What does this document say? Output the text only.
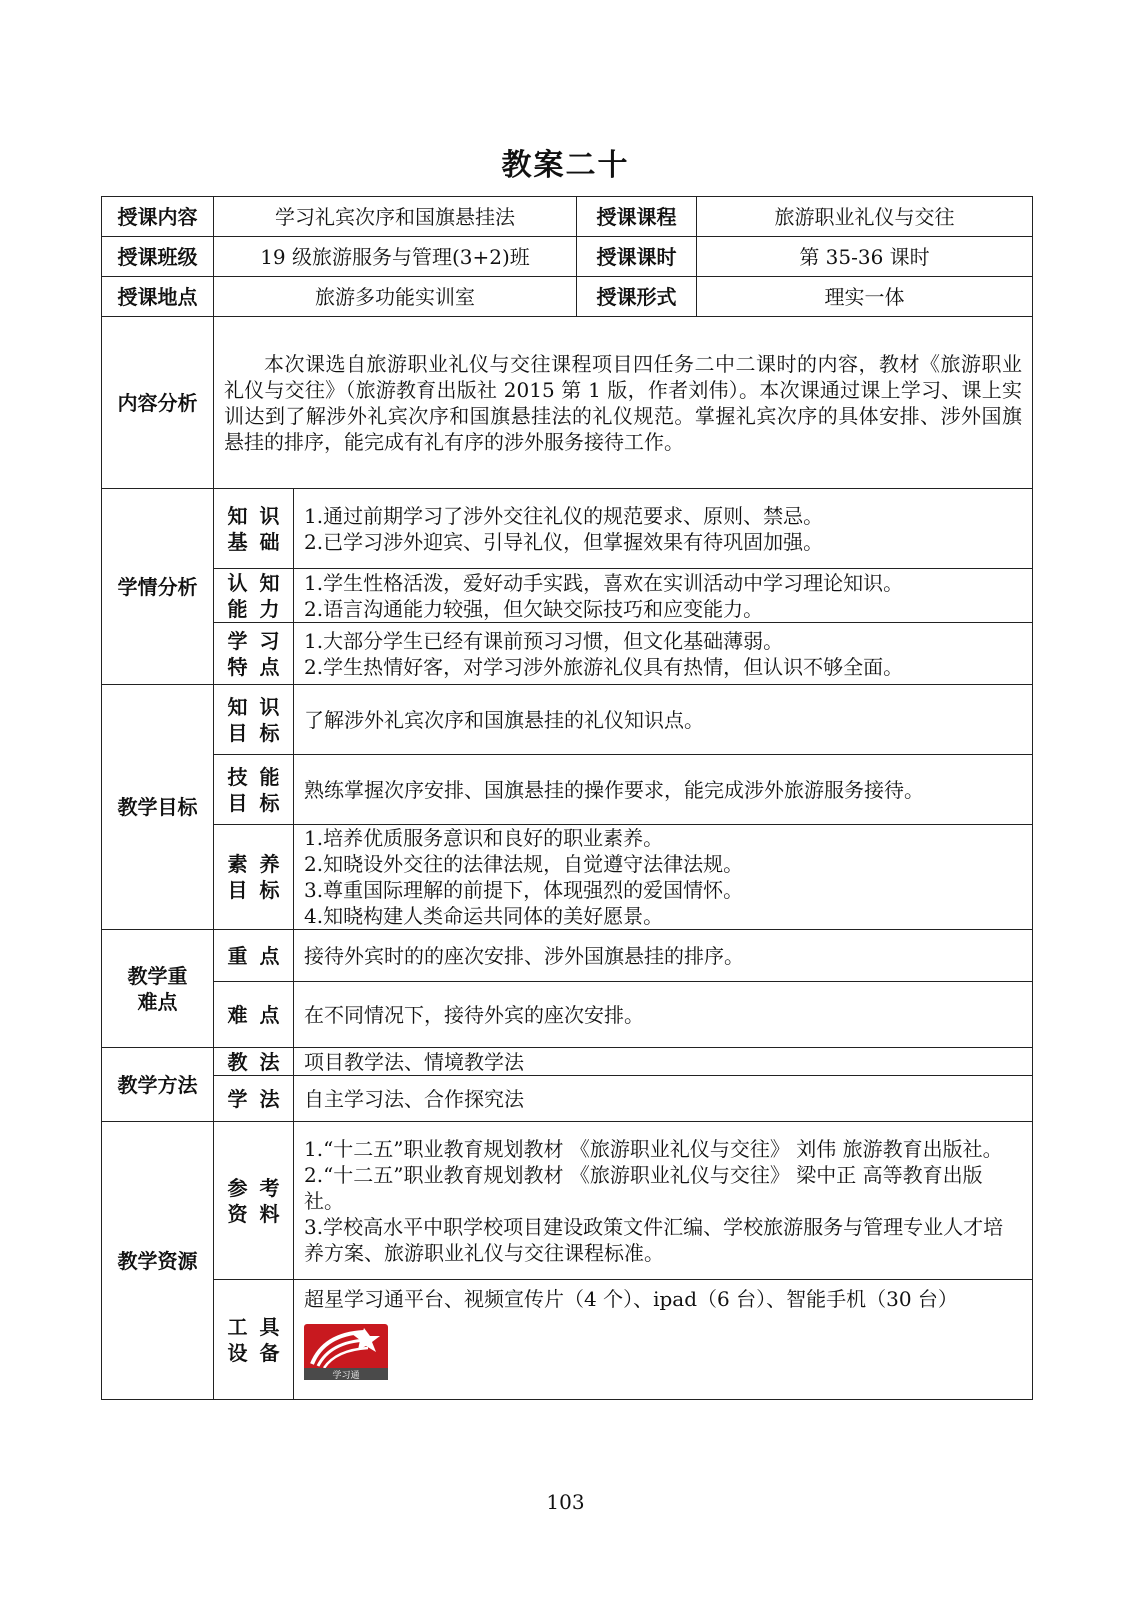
教案二十
授课内容	学习礼宾次序和国旗悬挂法		授课课程	旅游职业礼仪与交往
授课班级	19 级旅游服务与管理(3+2)班		授课课时	第 35-36 课时
授课地点	旅游多功能实训室		授课形式	理实一体
内容分析	本次课选自旅游职业礼仪与交往课程项目四任务二中二课时的内容，教材《旅游职业礼仪与交往》（旅游教育出版社 2015 第 1 版，作者刘伟）。本次课通过课上学习、课上实训达到了解涉外礼宾次序和国旗悬挂法的礼仪规范。掌握礼宾次序的具体安排、涉外国旗悬挂的排序，能完成有礼有序的涉外服务接待工作。			
学情分析	知识基础	1.通过前期学习了涉外交往礼仪的规范要求、原则、禁忌。
2.已学习涉外迎宾、引导礼仪，但掌握效果有待巩固加强。		

	认知能力	1.学生性格活泼，爱好动手实践，喜欢在实训活动中学习理论知识。
2.语言沟通能力较强，但欠缺交际技巧和应变能力。		

	学习特点	1.大部分学生已经有课前预习习惯，但文化基础薄弱。
2.学生热情好客，对学习涉外旅游礼仪具有热情，但认识不够全面。		

教学目标	知识目标	了解涉外礼宾次序和国旗悬挂的礼仪知识点。		
	技能目标	熟练掌握次序安排、国旗悬挂的操作要求，能完成涉外旅游服务接待。		
	素养目标	1.培养优质服务意识和良好的职业素养。
2.知晓设外交往的法律法规，自觉遵守法律法规。
3.尊重国际理解的前提下，体现强烈的爱国情怀。
4.知晓构建人类命运共同体的美好愿景。		

教学重难点	重点	接待外宾时的的座次安排、涉外国旗悬挂的排序。		
	难点	在不同情况下，接待外宾的座次安排。		
教学方法	教法	项目教学法、情境教学法		
	学法	自主学习法、合作探究法		
教学资源	参考资料	1.“十二五”职业教育规划教材 《旅游职业礼仪与交往》 刘伟 旅游教育出版社。
2.“十二五”职业教育规划教材 《旅游职业礼仪与交往》 梁中正 高等教育出版社。
3.学校高水平中职学校项目建设政策文件汇编、学校旅游服务与管理专业人才培养方案、旅游职业礼仪与交往课程标准。		

	工具设备	超星学习通平台、视频宣传片（4 个）、ipad（6 台）、智能手机（30 台）
学习通		
103
